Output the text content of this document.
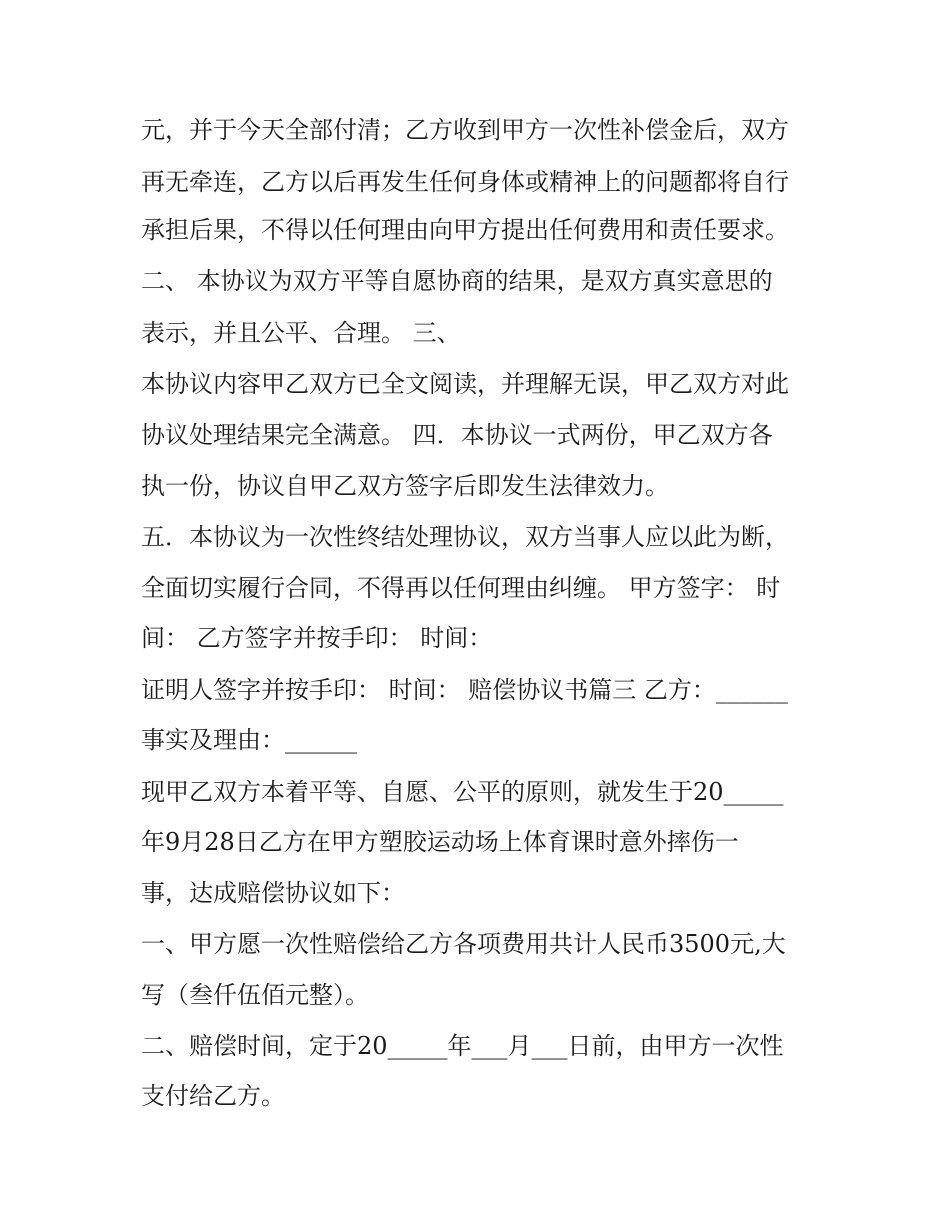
元，并于今天全部付清；乙方收到甲方一次性补偿金后，双方
再无牵连，乙方以后再发生任何身体或精神上的问题都将自行
承担后果，不得以任何理由向甲方提出任何费用和责任要求。
二、 本协议为双方平等自愿协商的结果，是双方真实意思的
表示，并且公平、合理。 三、
本协议内容甲乙双方已全文阅读，并理解无误，甲乙双方对此
协议处理结果完全满意。 四．本协议一式两份，甲乙双方各
执一份，协议自甲乙双方签字后即发生法律效力。
五．本协议为一次性终结处理协议，双方当事人应以此为断，
全面切实履行合同，不得再以任何理由纠缠。 甲方签字： 时
间： 乙方签字并按手印： 时间：
证明人签字并按手印： 时间： 赔偿协议书篇三 乙方：______
事实及理由：______
现甲乙双方本着平等、自愿、公平的原则，就发生于20_____
年9月28日乙方在甲方塑胶运动场上体育课时意外摔伤一
事，达成赔偿协议如下：
一、甲方愿一次性赔偿给乙方各项费用共计人民币3500元,大
写（叁仟伍佰元整）。
二、赔偿时间，定于20_____年___月___日前，由甲方一次性
支付给乙方。
